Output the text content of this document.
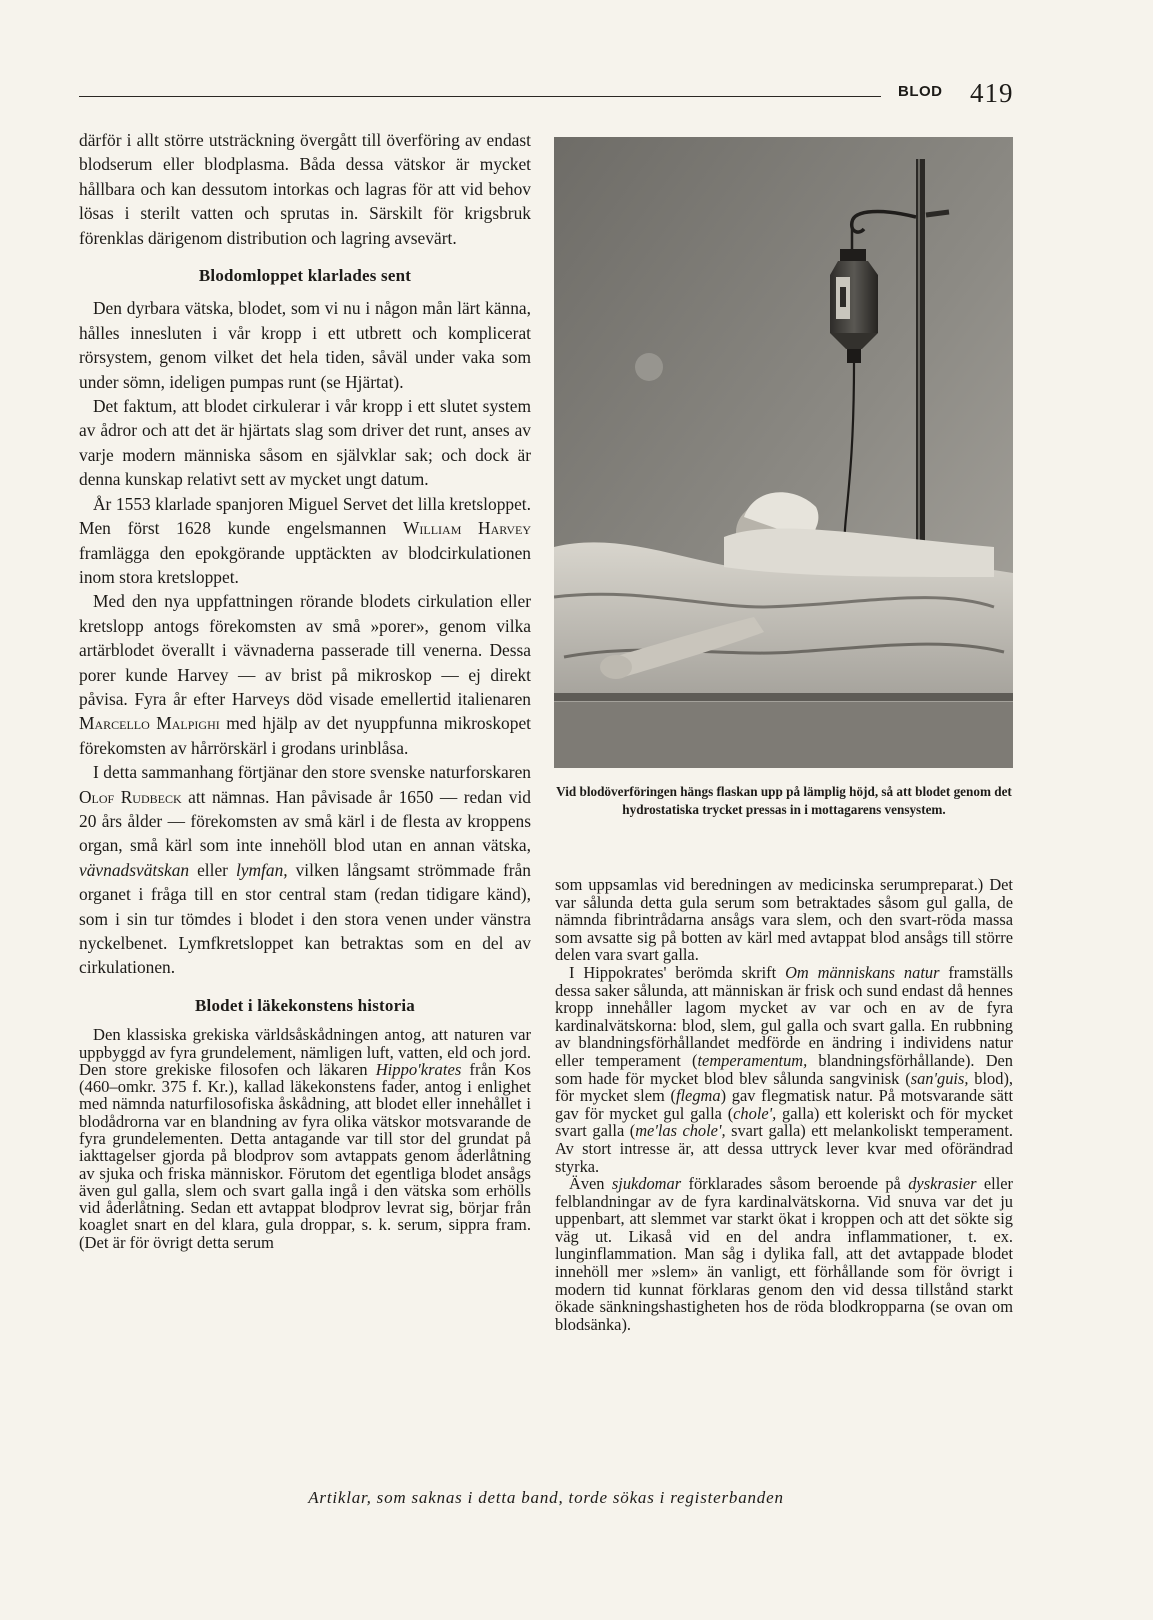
BLOD 419

därför i allt större utsträckning övergått till överföring av endast blodserum eller blodplasma. Båda dessa vätskor är mycket hållbara och kan dessutom intorkas och lagras för att vid behov lösas i sterilt vatten och sprutas in. Särskilt för krigsbruk förenklas därigenom distribution och lagring avsevärt.

Blodomloppet klarlades sent

Den dyrbara vätska, blodet, som vi nu i någon mån lärt känna, hålles innesluten i vår kropp i ett utbrett och komplicerat rörsystem, genom vilket det hela tiden, såväl under vaka som under sömn, ideligen pumpas runt (se Hjärtat).

Det faktum, att blodet cirkulerar i vår kropp i ett slutet system av ådror och att det är hjärtats slag som driver det runt, anses av varje modern människa såsom en självklar sak; och dock är denna kunskap relativt sett av mycket ungt datum.

År 1553 klarlade spanjoren Miguel Servet det lilla kretsloppet. Men först 1628 kunde engelsmannen William Harvey framlägga den epokgörande upptäckten av blodcirkulationen inom stora kretsloppet.

Med den nya uppfattningen rörande blodets cirkulation eller kretslopp antogs förekomsten av små »porer», genom vilka artärblodet överallt i vävnaderna passerade till venerna. Dessa porer kunde Harvey — av brist på mikroskop — ej direkt påvisa. Fyra år efter Harveys död visade emellertid italienaren Marcello Malpighi med hjälp av det nyuppfunna mikroskopet förekomsten av hårrörskärl i grodans urinblåsa.

I detta sammanhang förtjänar den store svenske naturforskaren Olof Rudbeck att nämnas. Han påvisade år 1650 — redan vid 20 års ålder — förekomsten av små kärl i de flesta av kroppens organ, små kärl som inte innehöll blod utan en annan vätska, vävnadsvätskan eller lymfan, vilken långsamt strömmade från organet i fråga till en stor central stam (redan tidigare känd), som i sin tur tömdes i blodet i den stora venen under vänstra nyckelbenet. Lymfkretsloppet kan betraktas som en del av cirkulationen.

Blodet i läkekonstens historia

Den klassiska grekiska världsåskådningen antog, att naturen var uppbyggd av fyra grundelement, nämligen luft, vatten, eld och jord. Den store grekiske filosofen och läkaren Hippo'krates från Kos (460–omkr. 375 f. Kr.), kallad läkekonstens fader, antog i enlighet med nämnda naturfilosofiska åskådning, att blodet eller innehållet i blodådrorna var en blandning av fyra olika vätskor motsvarande de fyra grundelementen. Detta antagande var till stor del grundat på iakttagelser gjorda på blodprov som avtappats genom åderlåtning av sjuka och friska människor. Förutom det egentliga blodet ansågs även gul galla, slem och svart galla ingå i den vätska som erhölls vid åderlåtning. Sedan ett avtappat blodprov levrat sig, börjar från koaglet snart en del klara, gula droppar, s. k. serum, sippra fram. (Det är för övrigt detta serum

Vid blodöverföringen hängs flaskan upp på lämplig höjd, så att blodet genom det hydrostatiska trycket pressas in i mottagarens vensystem.

som uppsamlas vid beredningen av medicinska serumpreparat.) Det var sålunda detta gula serum som betraktades såsom gul galla, de nämnda fibrintrådarna ansågs vara slem, och den svart-röda massa som avsatte sig på botten av kärl med avtappat blod ansågs till större delen vara svart galla.

I Hippokrates' berömda skrift Om människans natur framställs dessa saker sålunda, att människan är frisk och sund endast då hennes kropp innehåller lagom mycket av var och en av de fyra kardinalvätskorna: blod, slem, gul galla och svart galla. En rubbning av blandningsförhållandet medförde en ändring i individens natur eller temperament (temperamentum, blandningsförhållande). Den som hade för mycket blod blev sålunda sangvinisk (san'guis, blod), för mycket slem (flegma) gav flegmatisk natur. På motsvarande sätt gav för mycket gul galla (chole', galla) ett koleriskt och för mycket svart galla (me'las chole', svart galla) ett melankoliskt temperament. Av stort intresse är, att dessa uttryck lever kvar med oförändrad styrka.

Även sjukdomar förklarades såsom beroende på dyskrasier eller felblandningar av de fyra kardinalvätskorna. Vid snuva var det ju uppenbart, att slemmet var starkt ökat i kroppen och att det sökte sig väg ut. Likaså vid en del andra inflammationer, t. ex. lunginflammation. Man såg i dylika fall, att det avtappade blodet innehöll mer »slem» än vanligt, ett förhållande som för övrigt i modern tid kunnat förklaras genom den vid dessa tillstånd starkt ökade sänkningshastigheten hos de röda blodkropparna (se ovan om blodsänka).

Artiklar, som saknas i detta band, torde sökas i registerbanden
